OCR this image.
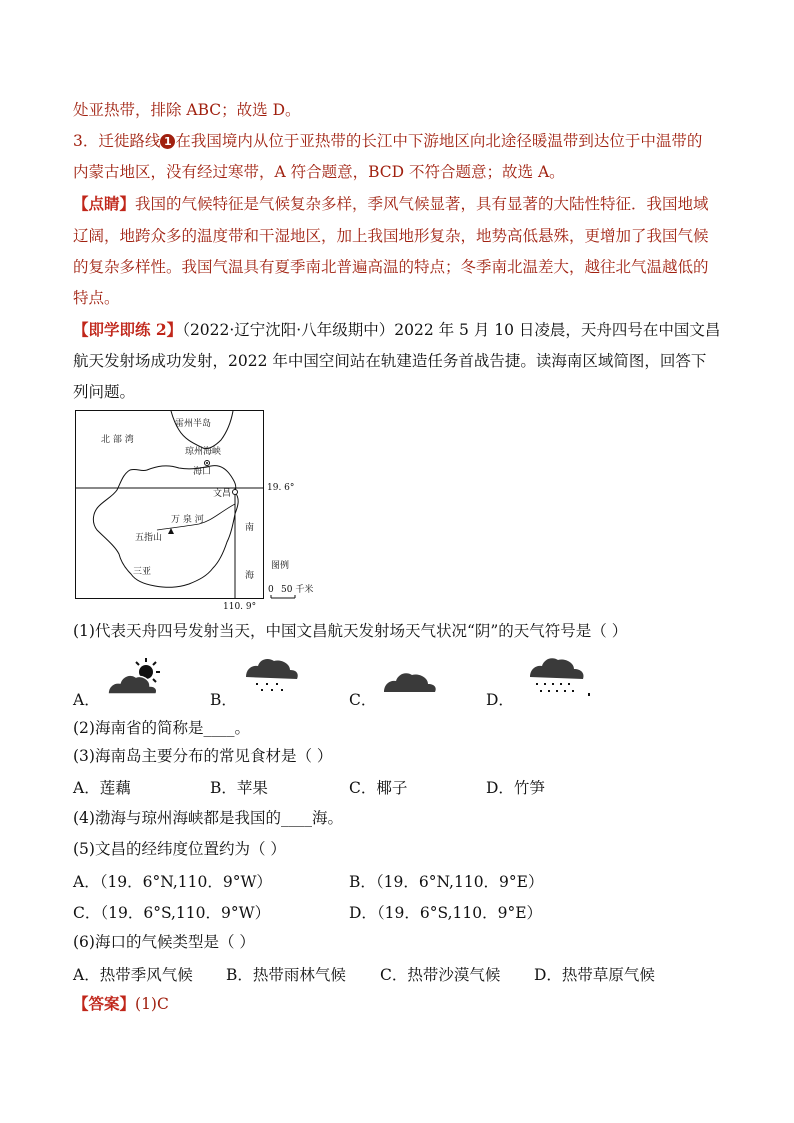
处亚热带，排除 ABC；故选 D。
3．迁徙路线 1 在我国境内从位于亚热带的长江中下游地区向北途径暖温带到达位于中温带的
内蒙古地区，没有经过寒带，A 符合题意，BCD 不符合题意；故选 A。
【点睛】我国的气候特征是气候复杂多样，季风气候显著，具有显著的大陆性特征．我国地域
辽阔，地跨众多的温度带和干湿地区，加上我国地形复杂，地势高低悬殊，更增加了我国气候
的复杂多样性。我国气温具有夏季南北普遍高温的特点；冬季南北温差大，越往北气温越低的
特点。
【即学即练 2】（2022·辽宁沈阳·八年级期中）2022 年 5 月 10 日凌晨，天舟四号在中国文昌
航天发射场成功发射，2022 年中国空间站在轨建造任务首战告捷。读海南区域简图，回答下
列问题。
北 部 湾
雷州半岛
琼州海峡
海口
文昌
19. 6°
万 泉 河
五指山
三亚
南
海
图例
0 50 千米
110. 9°
(1)代表天舟四号发射当天，中国文昌航天发射场天气状况“阴”的天气符号是（ ）
A．	B．	C．	D．
(2)海南省的简称是____。
(3)海南岛主要分布的常见食材是（ ）
A．莲藕	B．苹果	C．椰子	D．竹笋
(4)渤海与琼州海峡都是我国的____海。
(5)文昌的经纬度位置约为（ ）
A．（19．6°N,110．9°W）	B．（19．6°N,110．9°E）
C．（19．6°S,110．9°W）	D．（19．6°S,110．9°E）
(6)海口的气候类型是（ ）
A．热带季风气候 B．热带雨林气候 C．热带沙漠气候 D．热带草原气候
【答案】(1)C
